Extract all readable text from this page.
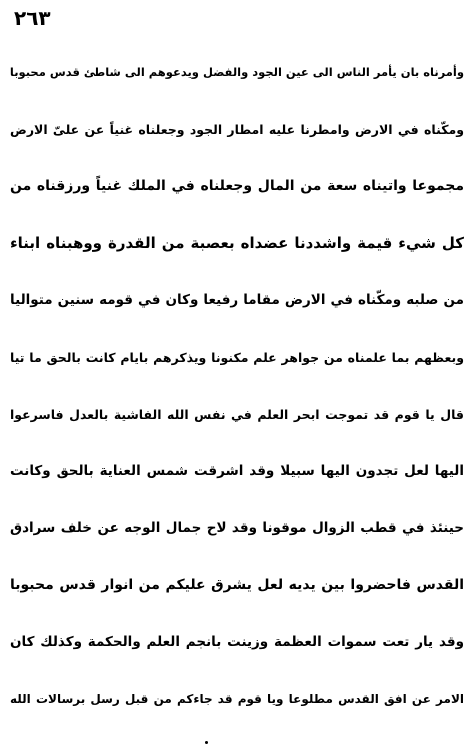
٢٦٣
وأمرناه بان يأمر الناس الى عين الجود والفضل ويدعوهم الى شاطئ قدس محبوبا
ومكّناه في الارض وامطرنا عليه امطار الجود وجعلناه غنياً عن علىّ الارض
مجموعا واتيناه سعة من المال وجعلناه في الملك غنياً ورزقناه من
كل شيء قيمة واشددنا عضداه بعصبة من القدرة ووهبناه ابناء
من صلبه ومكّناه في الارض مقاما رفيعا وكان في قومه سنين متواليا
وبعظهم بما علمناه من جواهر علم مكنونا ويذكرهم بايام كانت بالحق ما تيا
قال يا قوم قد تموجت ابحر العلم في نفس الله الفاشية بالعدل فاسرعوا
اليها لعل تجدون اليها سبيلا وقد اشرقت شمس العناية بالحق وكانت
حينئذ في قطب الزوال موقونا وقد لاح جمال الوجه عن خلف سرادق
القدس فاحضروا بين يديه لعل يشرق عليكم من انوار قدس محبوبا
وقد يار تعت سموات العظمة وزينت بانجم العلم والحكمة وكذلك كان
الامر عن افق القدس مطلوعا ويا قوم قد جاءكم من قبل رسل برسالات الله
